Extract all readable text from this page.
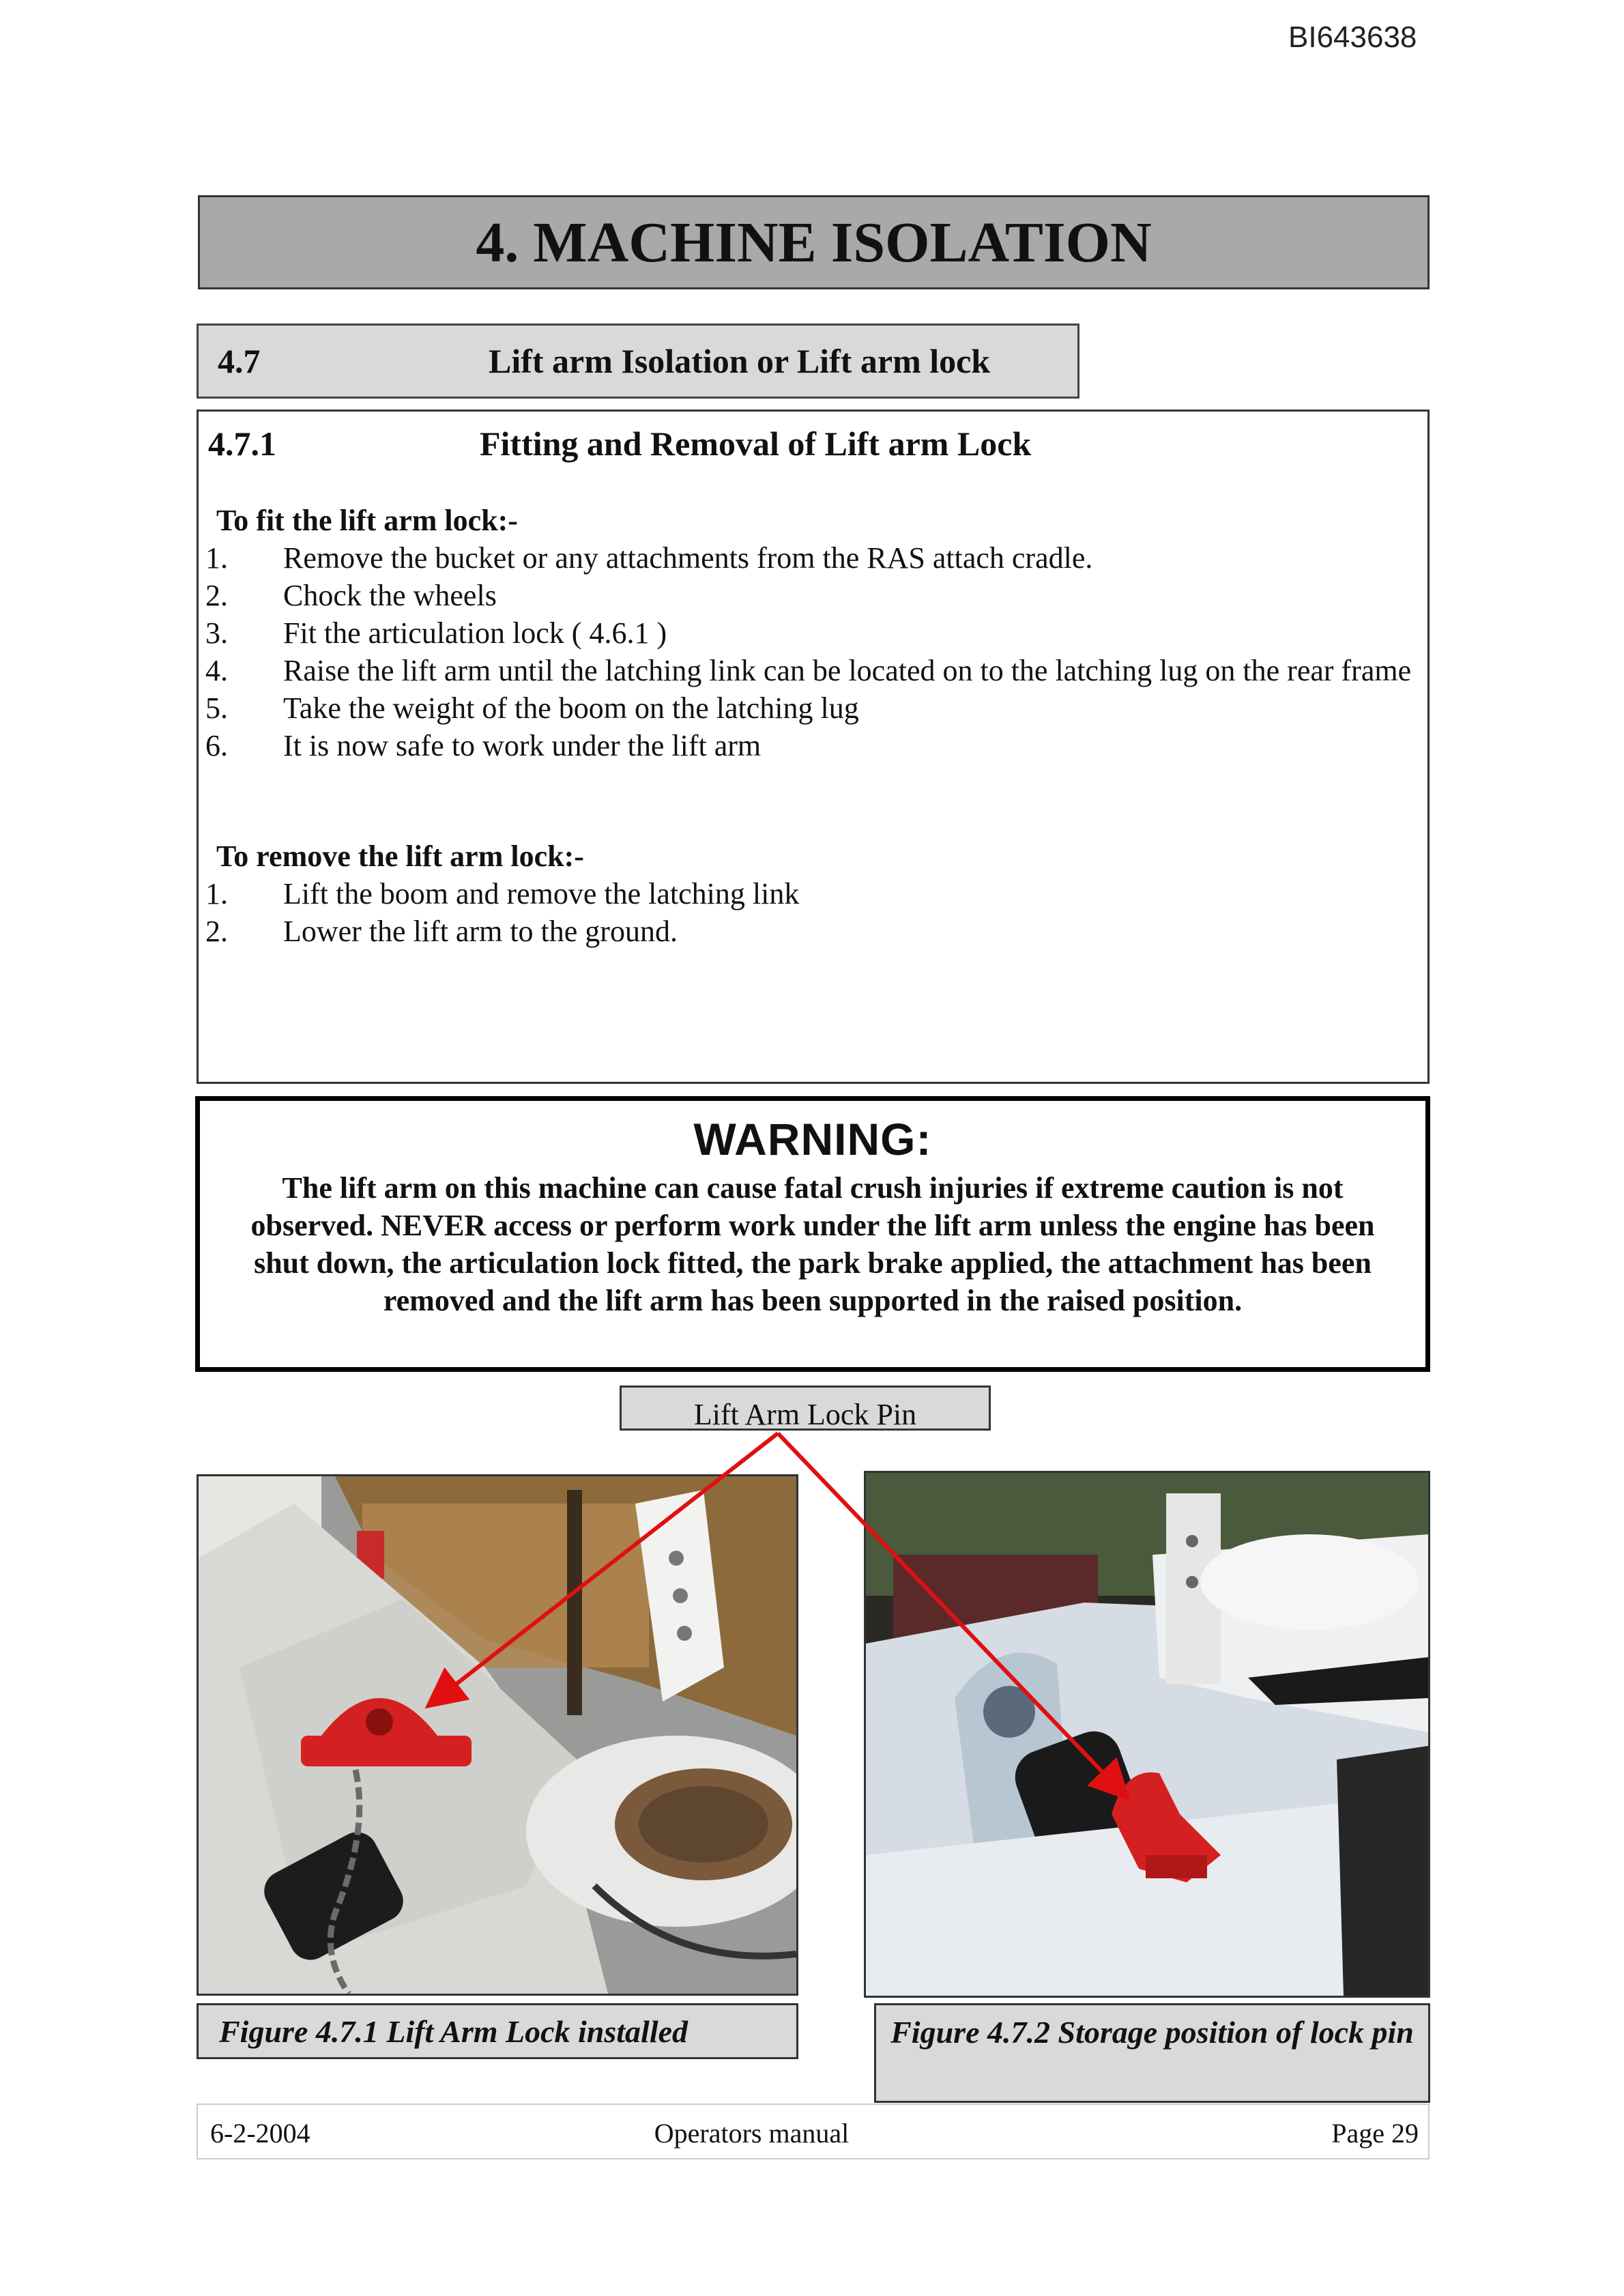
BI643638
4. MACHINE ISOLATION
4.7	Lift arm Isolation or Lift arm lock
4.7.1	Fitting and Removal of Lift arm Lock
To fit the lift arm lock:-
1. Remove the bucket or any attachments from the RAS attach cradle.
2. Chock the wheels
3. Fit the articulation lock ( 4.6.1 )
4. Raise the lift arm until the latching link can be located on to the latching lug on the rear frame
5. Take the weight of the boom on the latching lug
6. It is now safe to work under the lift arm
To remove the lift arm lock:-
1. Lift the boom and remove the latching link
2. Lower the lift arm to the ground.
WARNING:
The lift arm on this machine can cause fatal crush injuries if extreme caution is not observed. NEVER access or perform work under the lift arm unless the engine has been shut down, the articulation lock fitted, the park brake applied, the attachment has been removed and the lift arm has been supported in the raised position.
Lift Arm Lock Pin
Figure 4.7.1 Lift Arm Lock installed	Figure 4.7.2 Storage position of lock pin
6-2-2004	Operators manual	Page 29
